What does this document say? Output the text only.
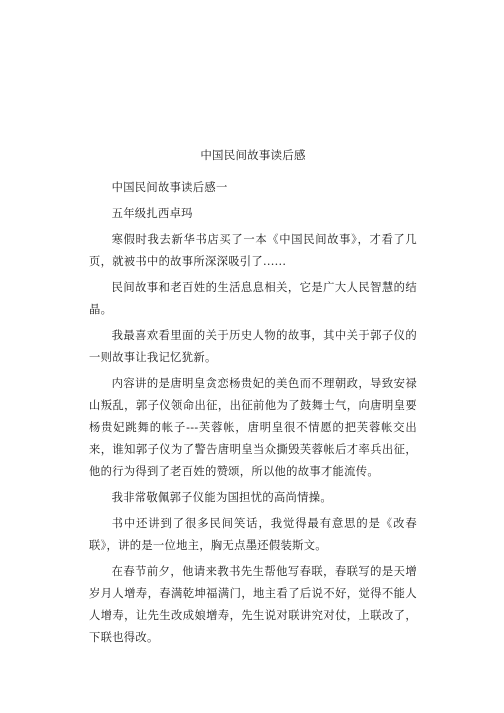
中国民间故事读后感

中国民间故事读后感一

五年级扎西卓玛

寒假时我去新华书店买了一本《中国民间故事》，才看了几页，就被书中的故事所深深吸引了......

民间故事和老百姓的生活息息相关，它是广大人民智慧的结晶。

我最喜欢看里面的关于历史人物的故事，其中关于郭子仪的一则故事让我记忆犹新。

内容讲的是唐明皇贪恋杨贵妃的美色而不理朝政，导致安禄山叛乱，郭子仪领命出征，出征前他为了鼓舞士气，向唐明皇要杨贵妃跳舞的帐子---芙蓉帐，唐明皇很不情愿的把芙蓉帐交出来，谁知郭子仪为了警告唐明皇当众撕毁芙蓉帐后才率兵出征，他的行为得到了老百姓的赞颂，所以他的故事才能流传。

我非常敬佩郭子仪能为国担忧的高尚情操。

书中还讲到了很多民间笑话，我觉得最有意思的是《改春联》，讲的是一位地主，胸无点墨还假装斯文。

在春节前夕，他请来教书先生帮他写春联，春联写的是天增岁月人增寿，春满乾坤福满门，地主看了后说不好，觉得不能人人增寿，让先生改成娘增寿，先生说对联讲究对仗，上联改了，下联也得改。
